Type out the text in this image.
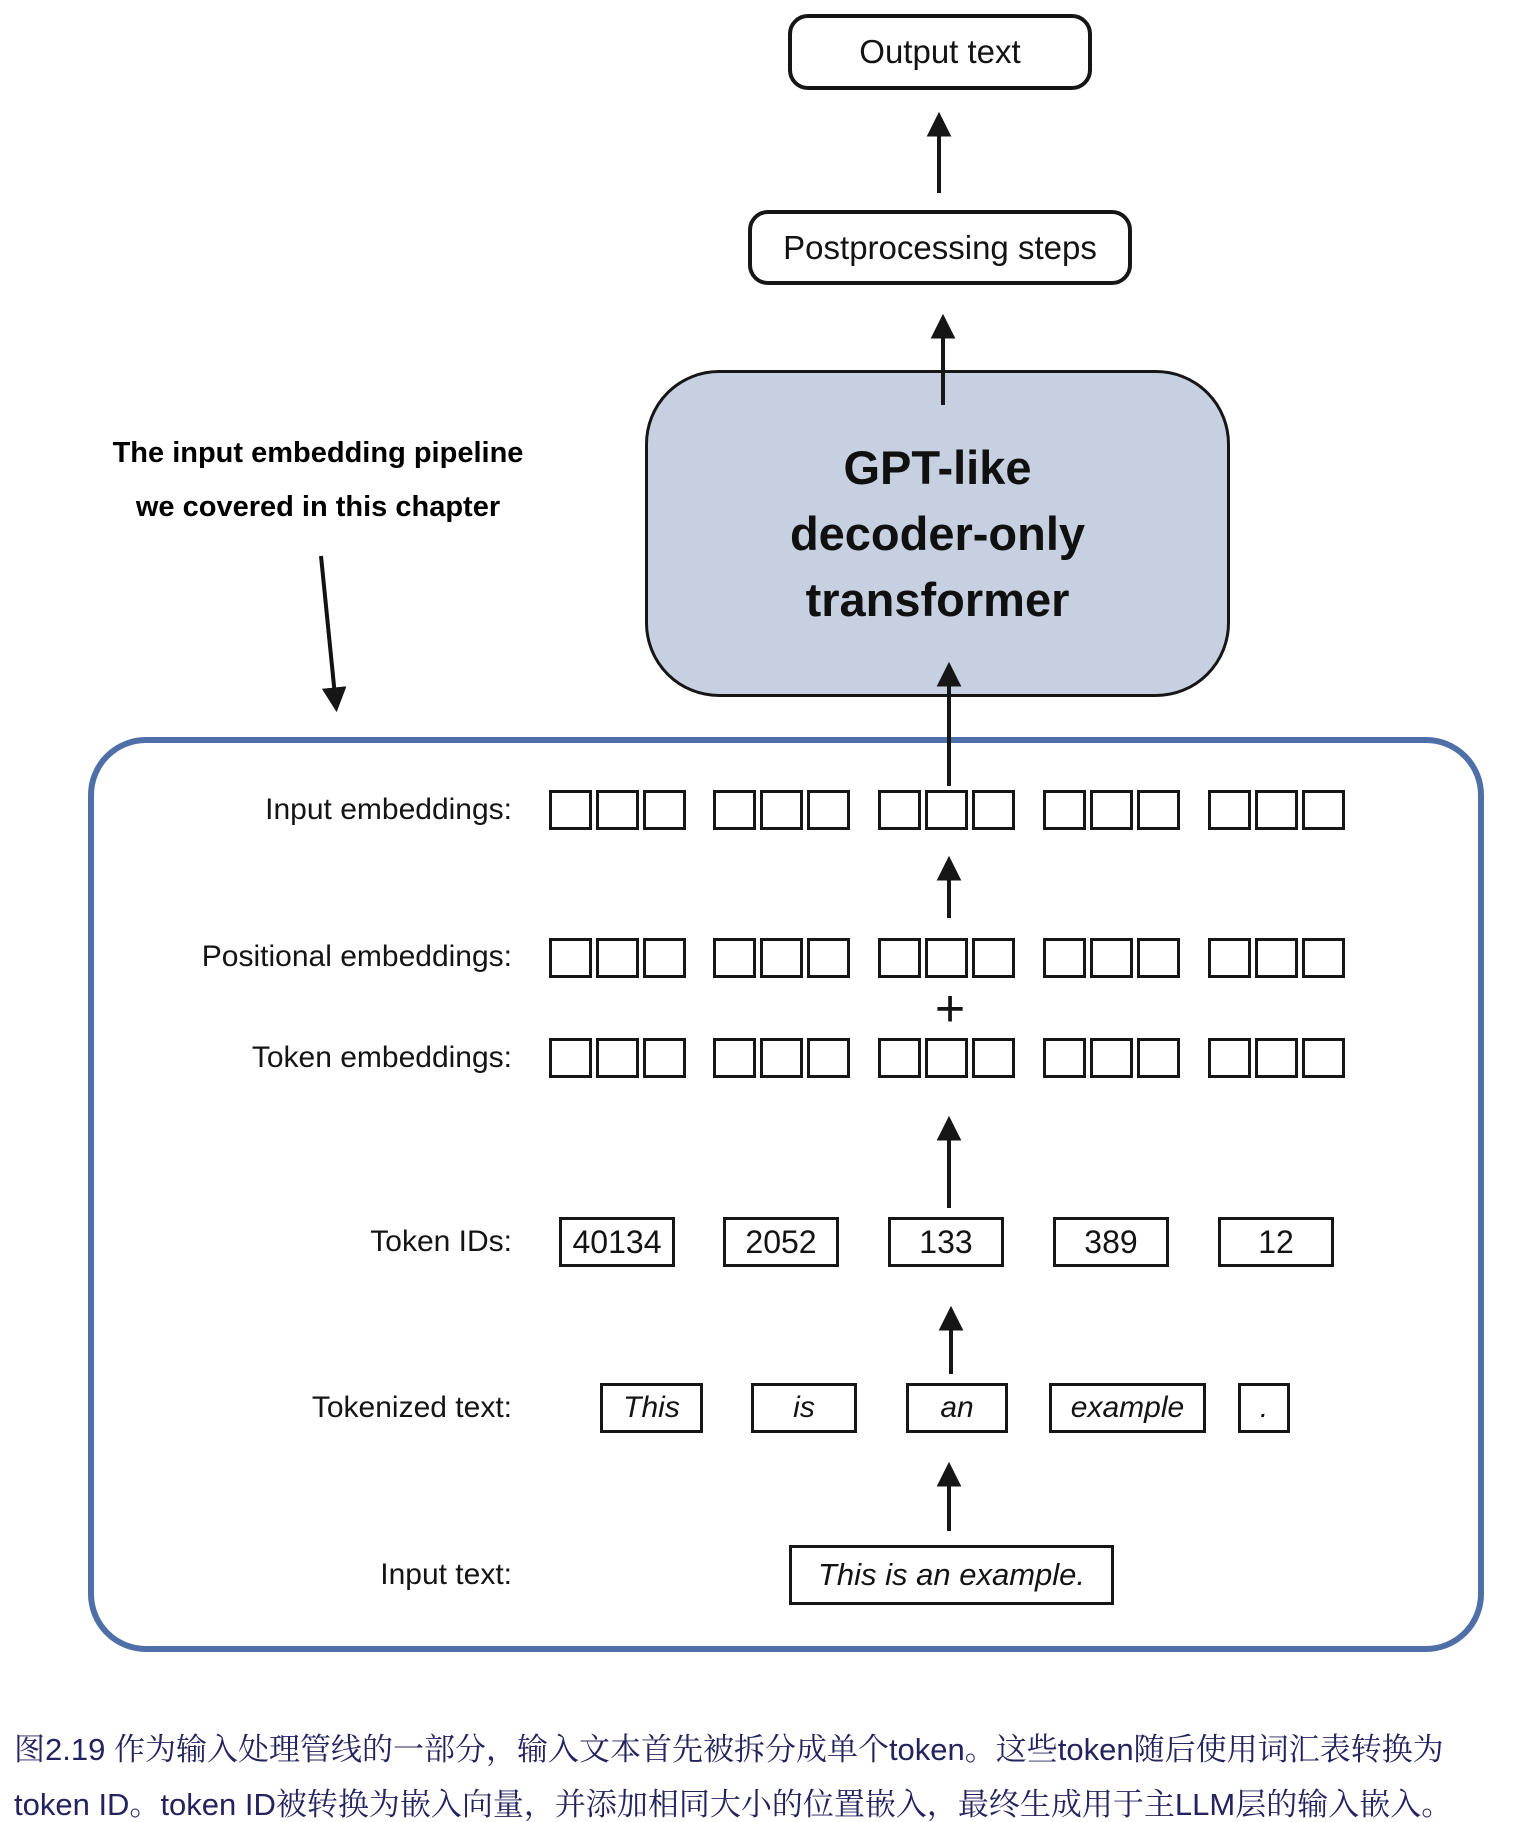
Output text
Postprocessing steps
GPT-like
decoder-only
transformer
The input embedding pipeline
we covered in this chapter
Input embeddings:
Positional embeddings:
Token embeddings:
Token IDs:
Tokenized text:
Input text:
+
40134	2052	133	389	12
This	is	an	example	.
This is an example.
图2.19 作为输入处理管线的一部分，输入文本首先被拆分成单个token。这些token随后使用词汇表转换为
token ID。token ID被转换为嵌入向量，并添加相同大小的位置嵌入，最终生成用于主LLM层的输入嵌入。
